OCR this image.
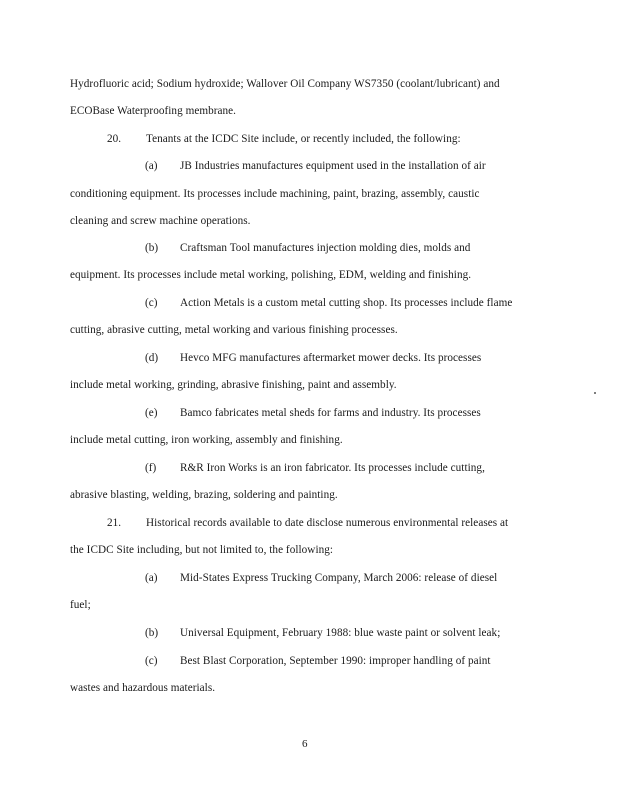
Hydrofluoric acid; Sodium hydroxide; Wallover Oil Company WS7350 (coolant/lubricant) and
ECOBase Waterproofing membrane.
20. Tenants at the ICDC Site include, or recently included, the following:
(a) JB Industries manufactures equipment used in the installation of air
conditioning equipment. Its processes include machining, paint, brazing, assembly, caustic
cleaning and screw machine operations.
(b) Craftsman Tool manufactures injection molding dies, molds and
equipment. Its processes include metal working, polishing, EDM, welding and finishing.
(c) Action Metals is a custom metal cutting shop. Its processes include flame
cutting, abrasive cutting, metal working and various finishing processes.
(d) Hevco MFG manufactures aftermarket mower decks. Its processes
include metal working, grinding, abrasive finishing, paint and assembly.
(e) Bamco fabricates metal sheds for farms and industry. Its processes
include metal cutting, iron working, assembly and finishing.
(f) R&R Iron Works is an iron fabricator. Its processes include cutting,
abrasive blasting, welding, brazing, soldering and painting.
21. Historical records available to date disclose numerous environmental releases at
the ICDC Site including, but not limited to, the following:
(a) Mid-States Express Trucking Company, March 2006: release of diesel
fuel;
(b) Universal Equipment, February 1988: blue waste paint or solvent leak;
(c) Best Blast Corporation, September 1990: improper handling of paint
wastes and hazardous materials.
6
